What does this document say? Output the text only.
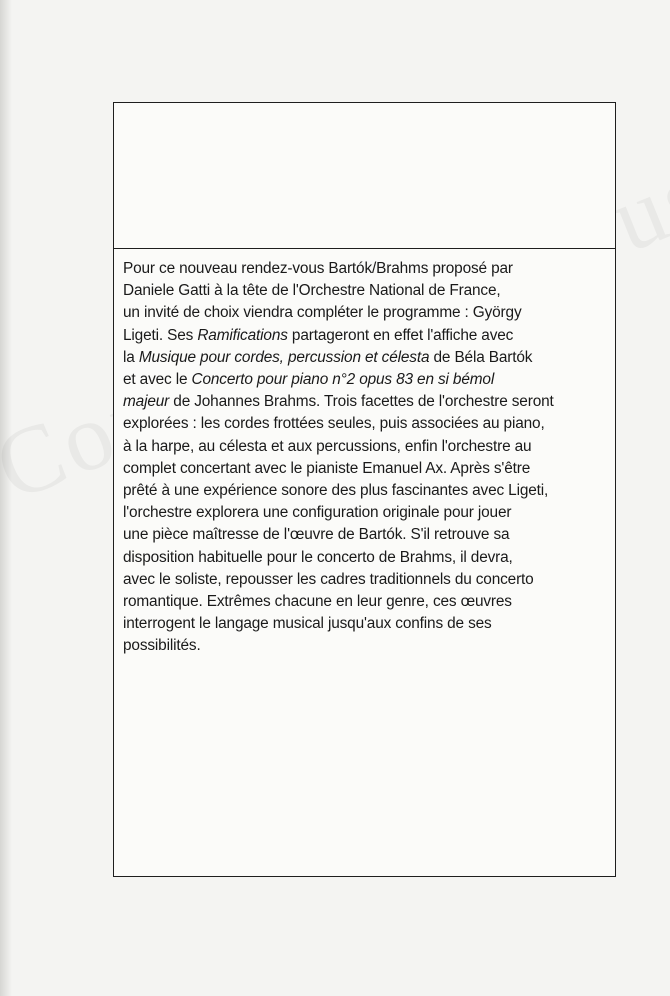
Pour ce nouveau rendez-vous Bartók/Brahms proposé par
Daniele Gatti à la tête de l'Orchestre National de France,
un invité de choix viendra compléter le programme : György
Ligeti. Ses Ramifications partageront en effet l'affiche avec
la Musique pour cordes, percussion et célesta de Béla Bartók
et avec le Concerto pour piano n°2 opus 83 en si bémol
majeur de Johannes Brahms. Trois facettes de l'orchestre seront
explorées : les cordes frottées seules, puis associées au piano,
à la harpe, au célesta et aux percussions, enfin l'orchestre au
complet concertant avec le pianiste Emanuel Ax. Après s'être
prêté à une expérience sonore des plus fascinantes avec Ligeti,
l'orchestre explorera une configuration originale pour jouer
une pièce maîtresse de l'œuvre de Bartók. S'il retrouve sa
disposition habituelle pour le concerto de Brahms, il devra,
avec le soliste, repousser les cadres traditionnels du concerto
romantique. Extrêmes chacune en leur genre, ces œuvres
interrogent le langage musical jusqu'aux confins de ses
possibilités.
